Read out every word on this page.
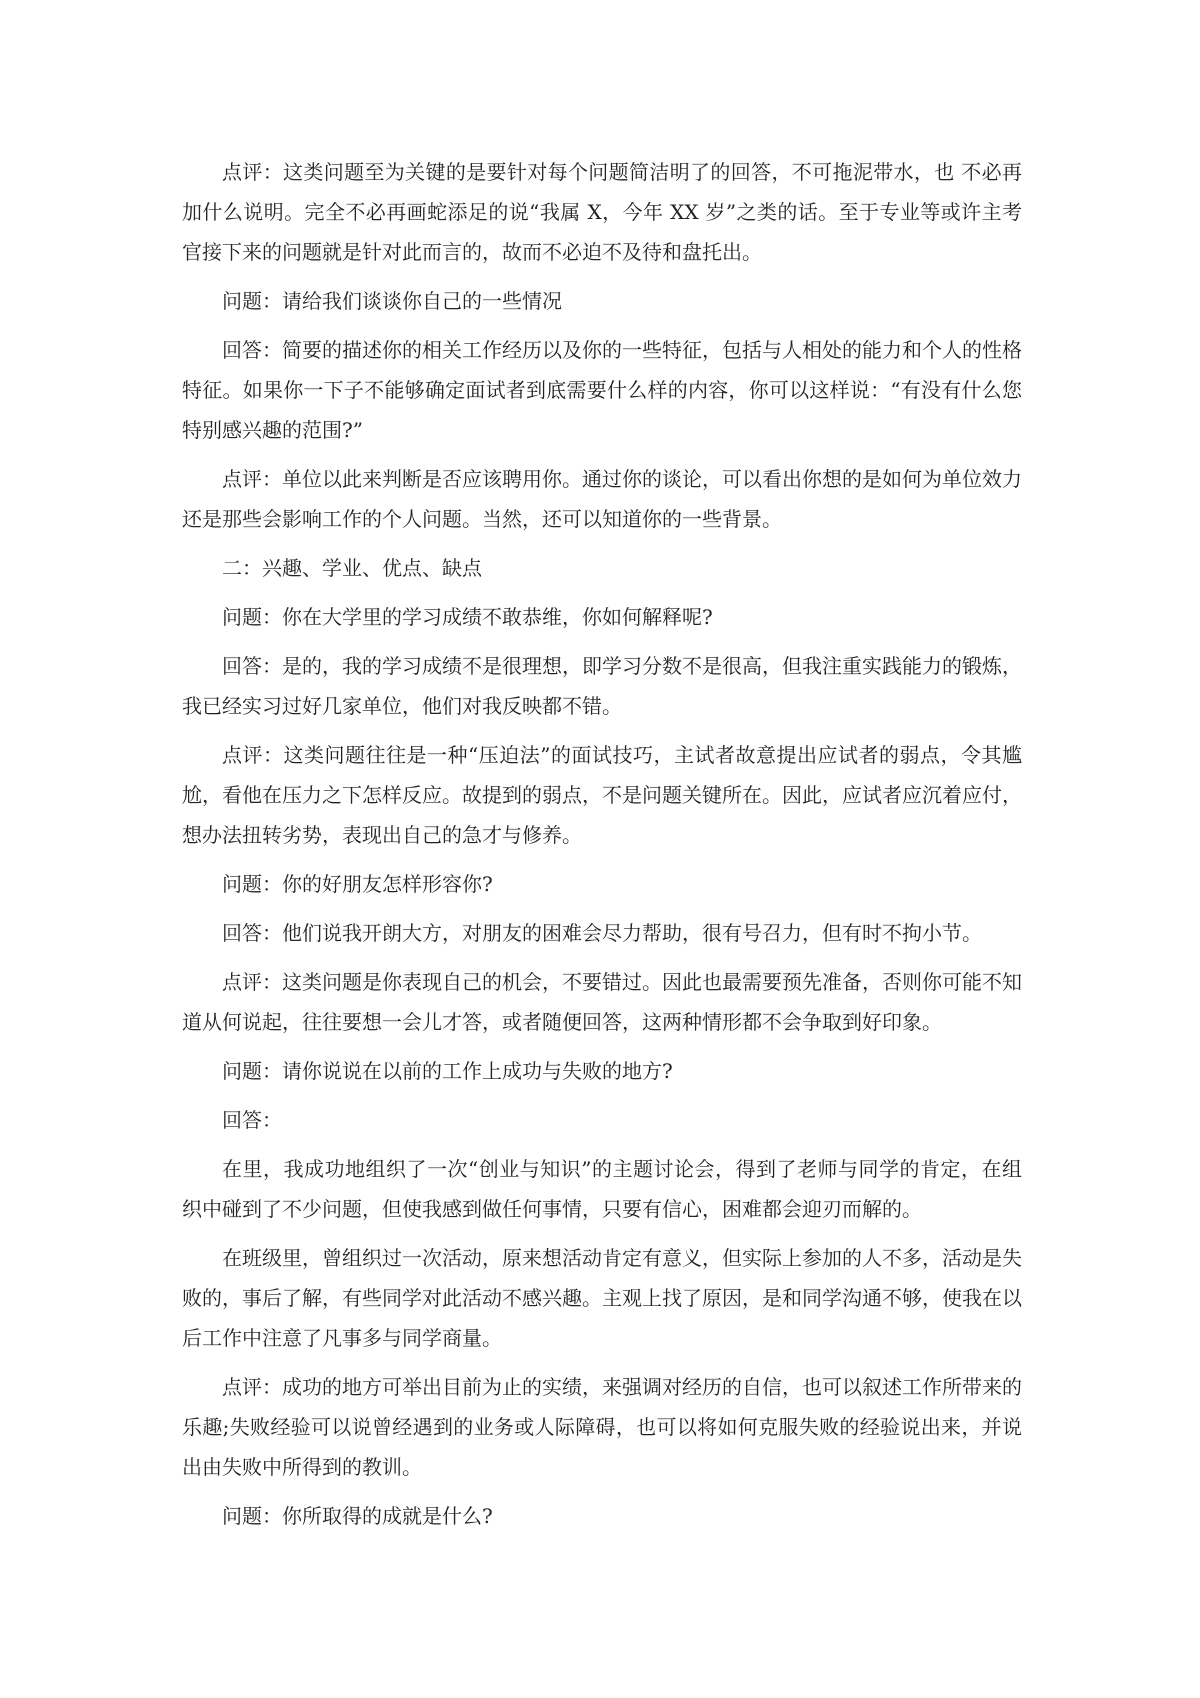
点评：这类问题至为关键的是要针对每个问题简洁明了的回答，不可拖泥带水，也 不必再加什么说明。完全不必再画蛇添足的说“我属 X，今年 XX 岁”之类的话。至于专业等或许主考官接下来的问题就是针对此而言的，故而不必迫不及待和盘托出。

问题：请给我们谈谈你自己的一些情况

回答：简要的描述你的相关工作经历以及你的一些特征，包括与人相处的能力和个人的性格特征。如果你一下子不能够确定面试者到底需要什么样的内容，你可以这样说：“有没有什么您特别感兴趣的范围?”

点评：单位以此来判断是否应该聘用你。通过你的谈论，可以看出你想的是如何为单位效力还是那些会影响工作的个人问题。当然，还可以知道你的一些背景。

二：兴趣、学业、优点、缺点

问题：你在大学里的学习成绩不敢恭维，你如何解释呢?

回答：是的，我的学习成绩不是很理想，即学习分数不是很高，但我注重实践能力的锻炼，我已经实习过好几家单位，他们对我反映都不错。

点评：这类问题往往是一种“压迫法”的面试技巧，主试者故意提出应试者的弱点，令其尴尬，看他在压力之下怎样反应。故提到的弱点，不是问题关键所在。因此，应试者应沉着应付，想办法扭转劣势，表现出自己的急才与修养。

问题：你的好朋友怎样形容你?

回答：他们说我开朗大方，对朋友的困难会尽力帮助，很有号召力，但有时不拘小节。

点评：这类问题是你表现自己的机会，不要错过。因此也最需要预先准备，否则你可能不知道从何说起，往往要想一会儿才答，或者随便回答，这两种情形都不会争取到好印象。

问题：请你说说在以前的工作上成功与失败的地方?

回答：

在里，我成功地组织了一次“创业与知识”的主题讨论会，得到了老师与同学的肯定，在组织中碰到了不少问题，但使我感到做任何事情，只要有信心，困难都会迎刃而解的。

在班级里，曾组织过一次活动，原来想活动肯定有意义，但实际上参加的人不多，活动是失败的，事后了解，有些同学对此活动不感兴趣。主观上找了原因，是和同学沟通不够，使我在以后工作中注意了凡事多与同学商量。

点评：成功的地方可举出目前为止的实绩，来强调对经历的自信，也可以叙述工作所带来的乐趣;失败经验可以说曾经遇到的业务或人际障碍，也可以将如何克服失败的经验说出来，并说出由失败中所得到的教训。

问题：你所取得的成就是什么?
